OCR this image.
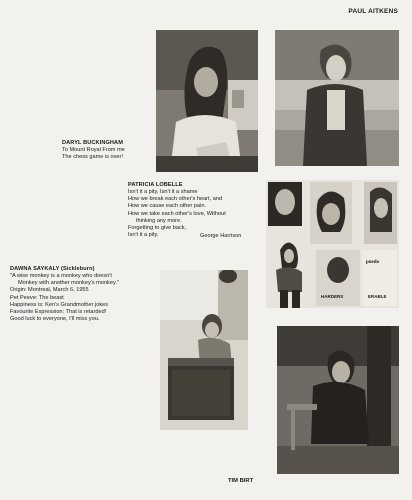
PAUL AITKENS
DARYL BUCKINGHAM
To Mount Royal From me
The chess game is over!
PATRICIA LOBELLE
Isn't it a pity, Isn't it a shame
How we break each other's heart, and
How we cause each other pain.
How we take each other's love, Without
thinking any more.
Forgetting to give back,
Isn't it a pity.	George Harrison
puedo
HARDERS	ERABLE
DAWNA SAYKALY (Sickleburn)
"A wise monkey is a monkey who doesn't
Monkey with another monkey's monkey."
Origin: Montreal, March 6, 1955
Pet Peeve: The beast
Happiness is: Ken's Grandmother jokes
Favourite Expression: That is retarded!
Good luck to everyone, I'll miss you.
TIM BIRT
